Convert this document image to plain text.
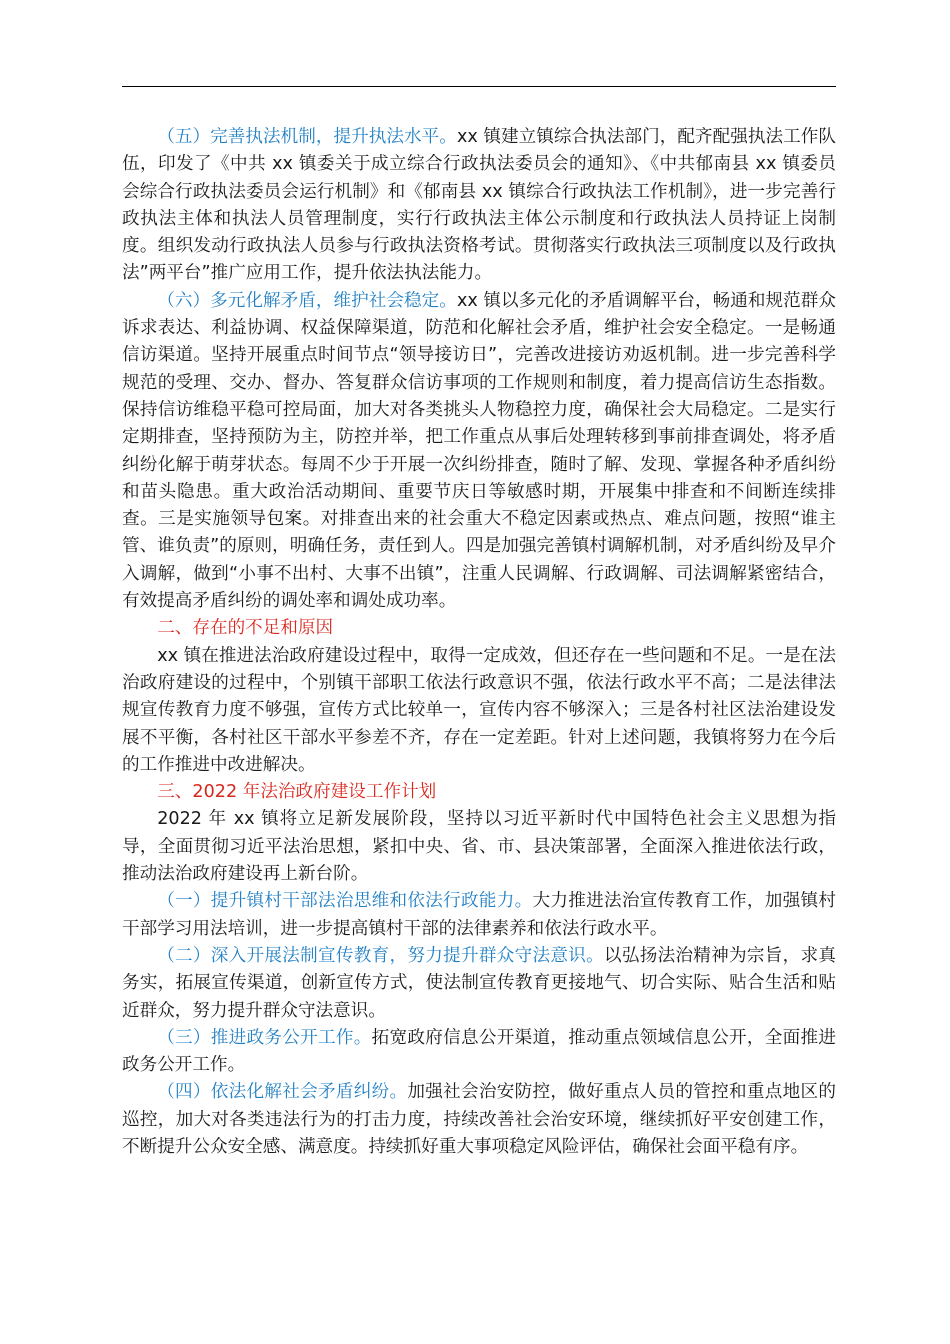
（五）完善执法机制，提升执法水平。xx 镇建立镇综合执法部门，配齐配强执法工作队伍，印发了《中共 xx 镇委关于成立综合行政执法委员会的通知》、《中共郁南县 xx 镇委员会综合行政执法委员会运行机制》和《郁南县 xx 镇综合行政执法工作机制》，进一步完善行政执法主体和执法人员管理制度，实行行政执法主体公示制度和行政执法人员持证上岗制度。组织发动行政执法人员参与行政执法资格考试。贯彻落实行政执法三项制度以及行政执法”两平台”推广应用工作，提升依法执法能力。

（六）多元化解矛盾，维护社会稳定。xx 镇以多元化的矛盾调解平台，畅通和规范群众诉求表达、利益协调、权益保障渠道，防范和化解社会矛盾，维护社会安全稳定。一是畅通信访渠道。坚持开展重点时间节点“领导接访日”，完善改进接访劝返机制。进一步完善科学规范的受理、交办、督办、答复群众信访事项的工作规则和制度，着力提高信访生态指数。保持信访维稳平稳可控局面，加大对各类挑头人物稳控力度，确保社会大局稳定。二是实行定期排查，坚持预防为主，防控并举，把工作重点从事后处理转移到事前排查调处，将矛盾纠纷化解于萌芽状态。每周不少于开展一次纠纷排查，随时了解、发现、掌握各种矛盾纠纷和苗头隐患。重大政治活动期间、重要节庆日等敏感时期，开展集中排查和不间断连续排查。三是实施领导包案。对排查出来的社会重大不稳定因素或热点、难点问题，按照“谁主管、谁负责”的原则，明确任务，责任到人。四是加强完善镇村调解机制，对矛盾纠纷及早介入调解，做到“小事不出村、大事不出镇”，注重人民调解、行政调解、司法调解紧密结合，有效提高矛盾纠纷的调处率和调处成功率。

二、存在的不足和原因

xx 镇在推进法治政府建设过程中，取得一定成效，但还存在一些问题和不足。一是在法治政府建设的过程中，个别镇干部职工依法行政意识不强，依法行政水平不高；二是法律法规宣传教育力度不够强，宣传方式比较单一，宣传内容不够深入；三是各村社区法治建设发展不平衡，各村社区干部水平参差不齐，存在一定差距。针对上述问题，我镇将努力在今后的工作推进中改进解决。

三、2022 年法治政府建设工作计划

2022 年 xx 镇将立足新发展阶段，坚持以习近平新时代中国特色社会主义思想为指导，全面贯彻习近平法治思想，紧扣中央、省、市、县决策部署，全面深入推进依法行政，推动法治政府建设再上新台阶。

（一）提升镇村干部法治思维和依法行政能力。大力推进法治宣传教育工作，加强镇村干部学习用法培训，进一步提高镇村干部的法律素养和依法行政水平。

（二）深入开展法制宣传教育，努力提升群众守法意识。以弘扬法治精神为宗旨，求真务实，拓展宣传渠道，创新宣传方式，使法制宣传教育更接地气、切合实际、贴合生活和贴近群众，努力提升群众守法意识。

（三）推进政务公开工作。拓宽政府信息公开渠道，推动重点领域信息公开，全面推进政务公开工作。

（四）依法化解社会矛盾纠纷。加强社会治安防控，做好重点人员的管控和重点地区的巡控，加大对各类违法行为的打击力度，持续改善社会治安环境，继续抓好平安创建工作，不断提升公众安全感、满意度。持续抓好重大事项稳定风险评估，确保社会面平稳有序。
